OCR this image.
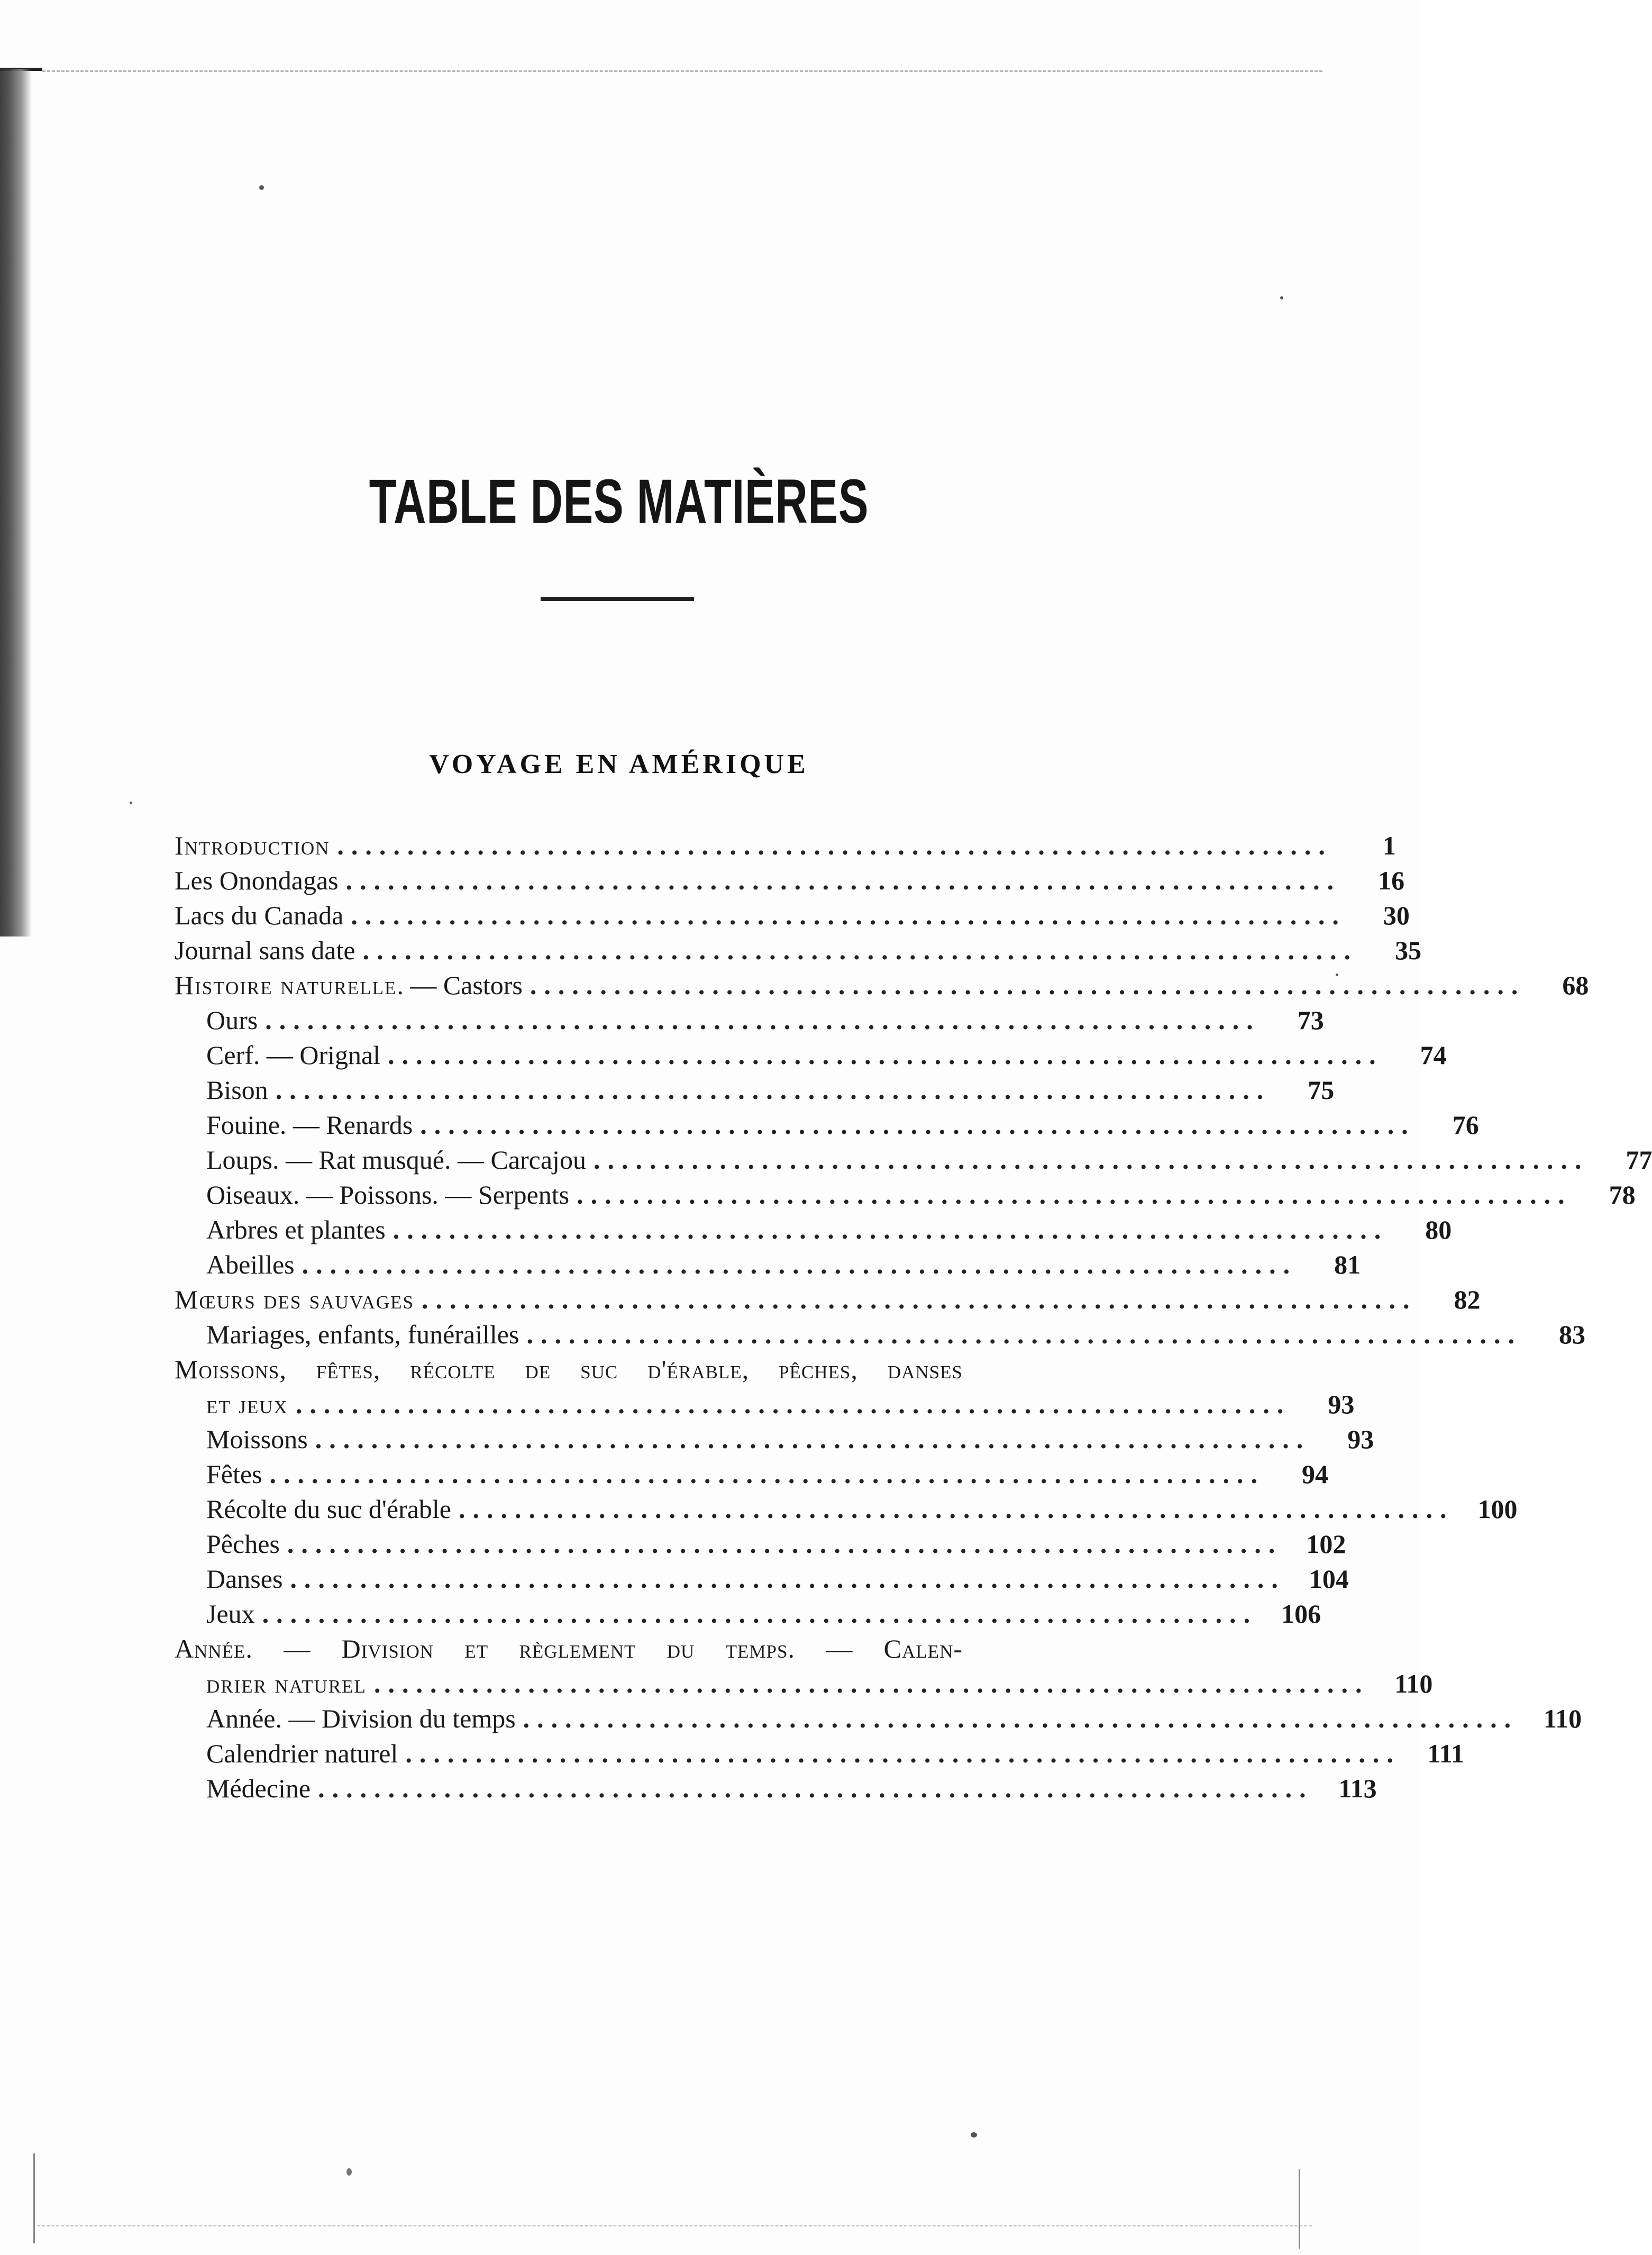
TABLE DES MATIÈRES
VOYAGE EN AMÉRIQUE
Introduction .......................................................................	1
Les Onondagas .......................................................................	16
Lacs du Canada .......................................................................	30
Journal sans date .......................................................................	35
Histoire naturelle. — Castors .......................................................................	68
Ours .......................................................................	73
Cerf. — Orignal .......................................................................	74
Bison .......................................................................	75
Fouine. — Renards .......................................................................	76
Loups. — Rat musqué. — Carcajou .......................................................................	77
Oiseaux. — Poissons. — Serpents .......................................................................	78
Arbres et plantes .......................................................................	80
Abeilles .......................................................................	81
Mœurs des sauvages .......................................................................	82
Mariages, enfants, funérailles .......................................................................	83
Moissons, fêtes, récolte de suc d'érable, pêches, danses
et jeux .......................................................................	93
Moissons .......................................................................	93
Fêtes .......................................................................	94
Récolte du suc d'érable ....................................................................... 100
Pêches ....................................................................... 102
Danses ....................................................................... 104
Jeux ....................................................................... 106
Année. — Division et règlement du temps. — Calen-
drier naturel ....................................................................... 110
Année. — Division du temps ....................................................................... 110
Calendrier naturel .......................................................................	111
Médecine ....................................................................... 113
